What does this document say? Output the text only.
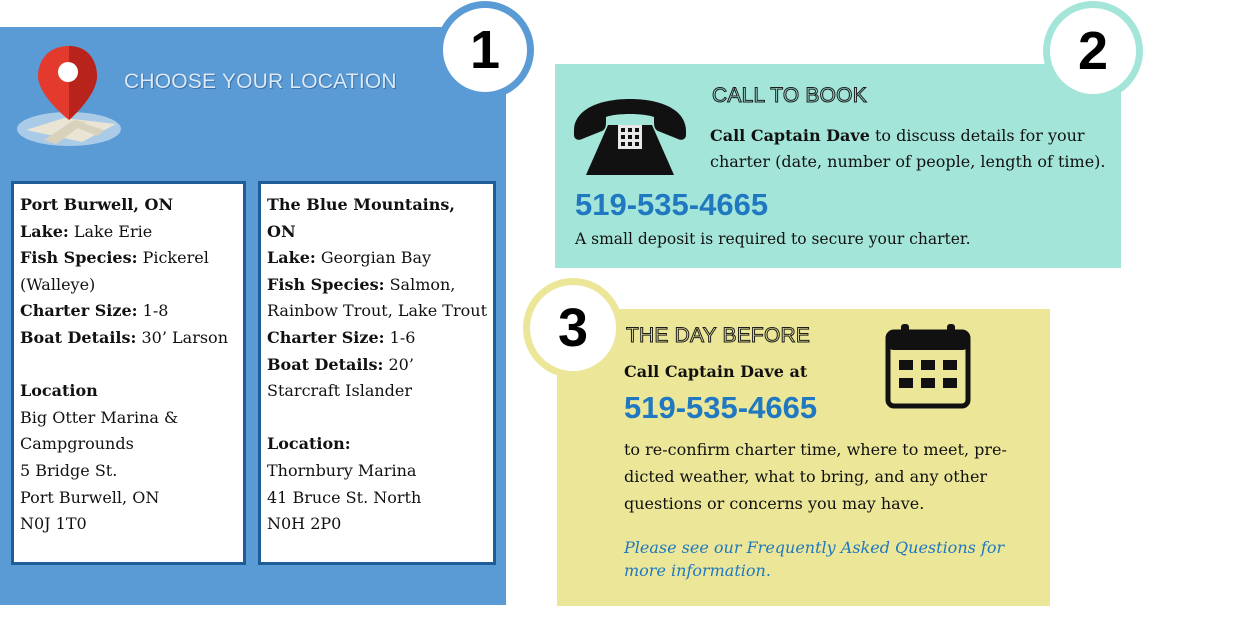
CHOOSE YOUR LOCATION
Port Burwell, ON
Lake: Lake Erie
Fish Species: Pickerel (Walleye)
Charter Size: 1-8
Boat Details: 30’ Larson
Location
Big Otter Marina & Campgrounds
5 Bridge St.
Port Burwell, ON
N0J 1T0
The Blue Mountains, ON
Lake: Georgian Bay
Fish Species: Salmon, Rainbow Trout, Lake Trout
Charter Size: 1-6
Boat Details: 20’ Starcraft Islander
Location:
Thornbury Marina
41 Bruce St. North
N0H 2P0
1
CALL TO BOOK
Call Captain Dave to discuss details for your charter (date, number of people, length of time).
519-535-4665
A small deposit is required to secure your charter.
2
THE DAY BEFORE
Call Captain Dave at
519-535-4665
to re-confirm charter time, where to meet, pre-dicted weather, what to bring, and any other questions or concerns you may have.
Please see our Frequently Asked Questions for more information.
3
